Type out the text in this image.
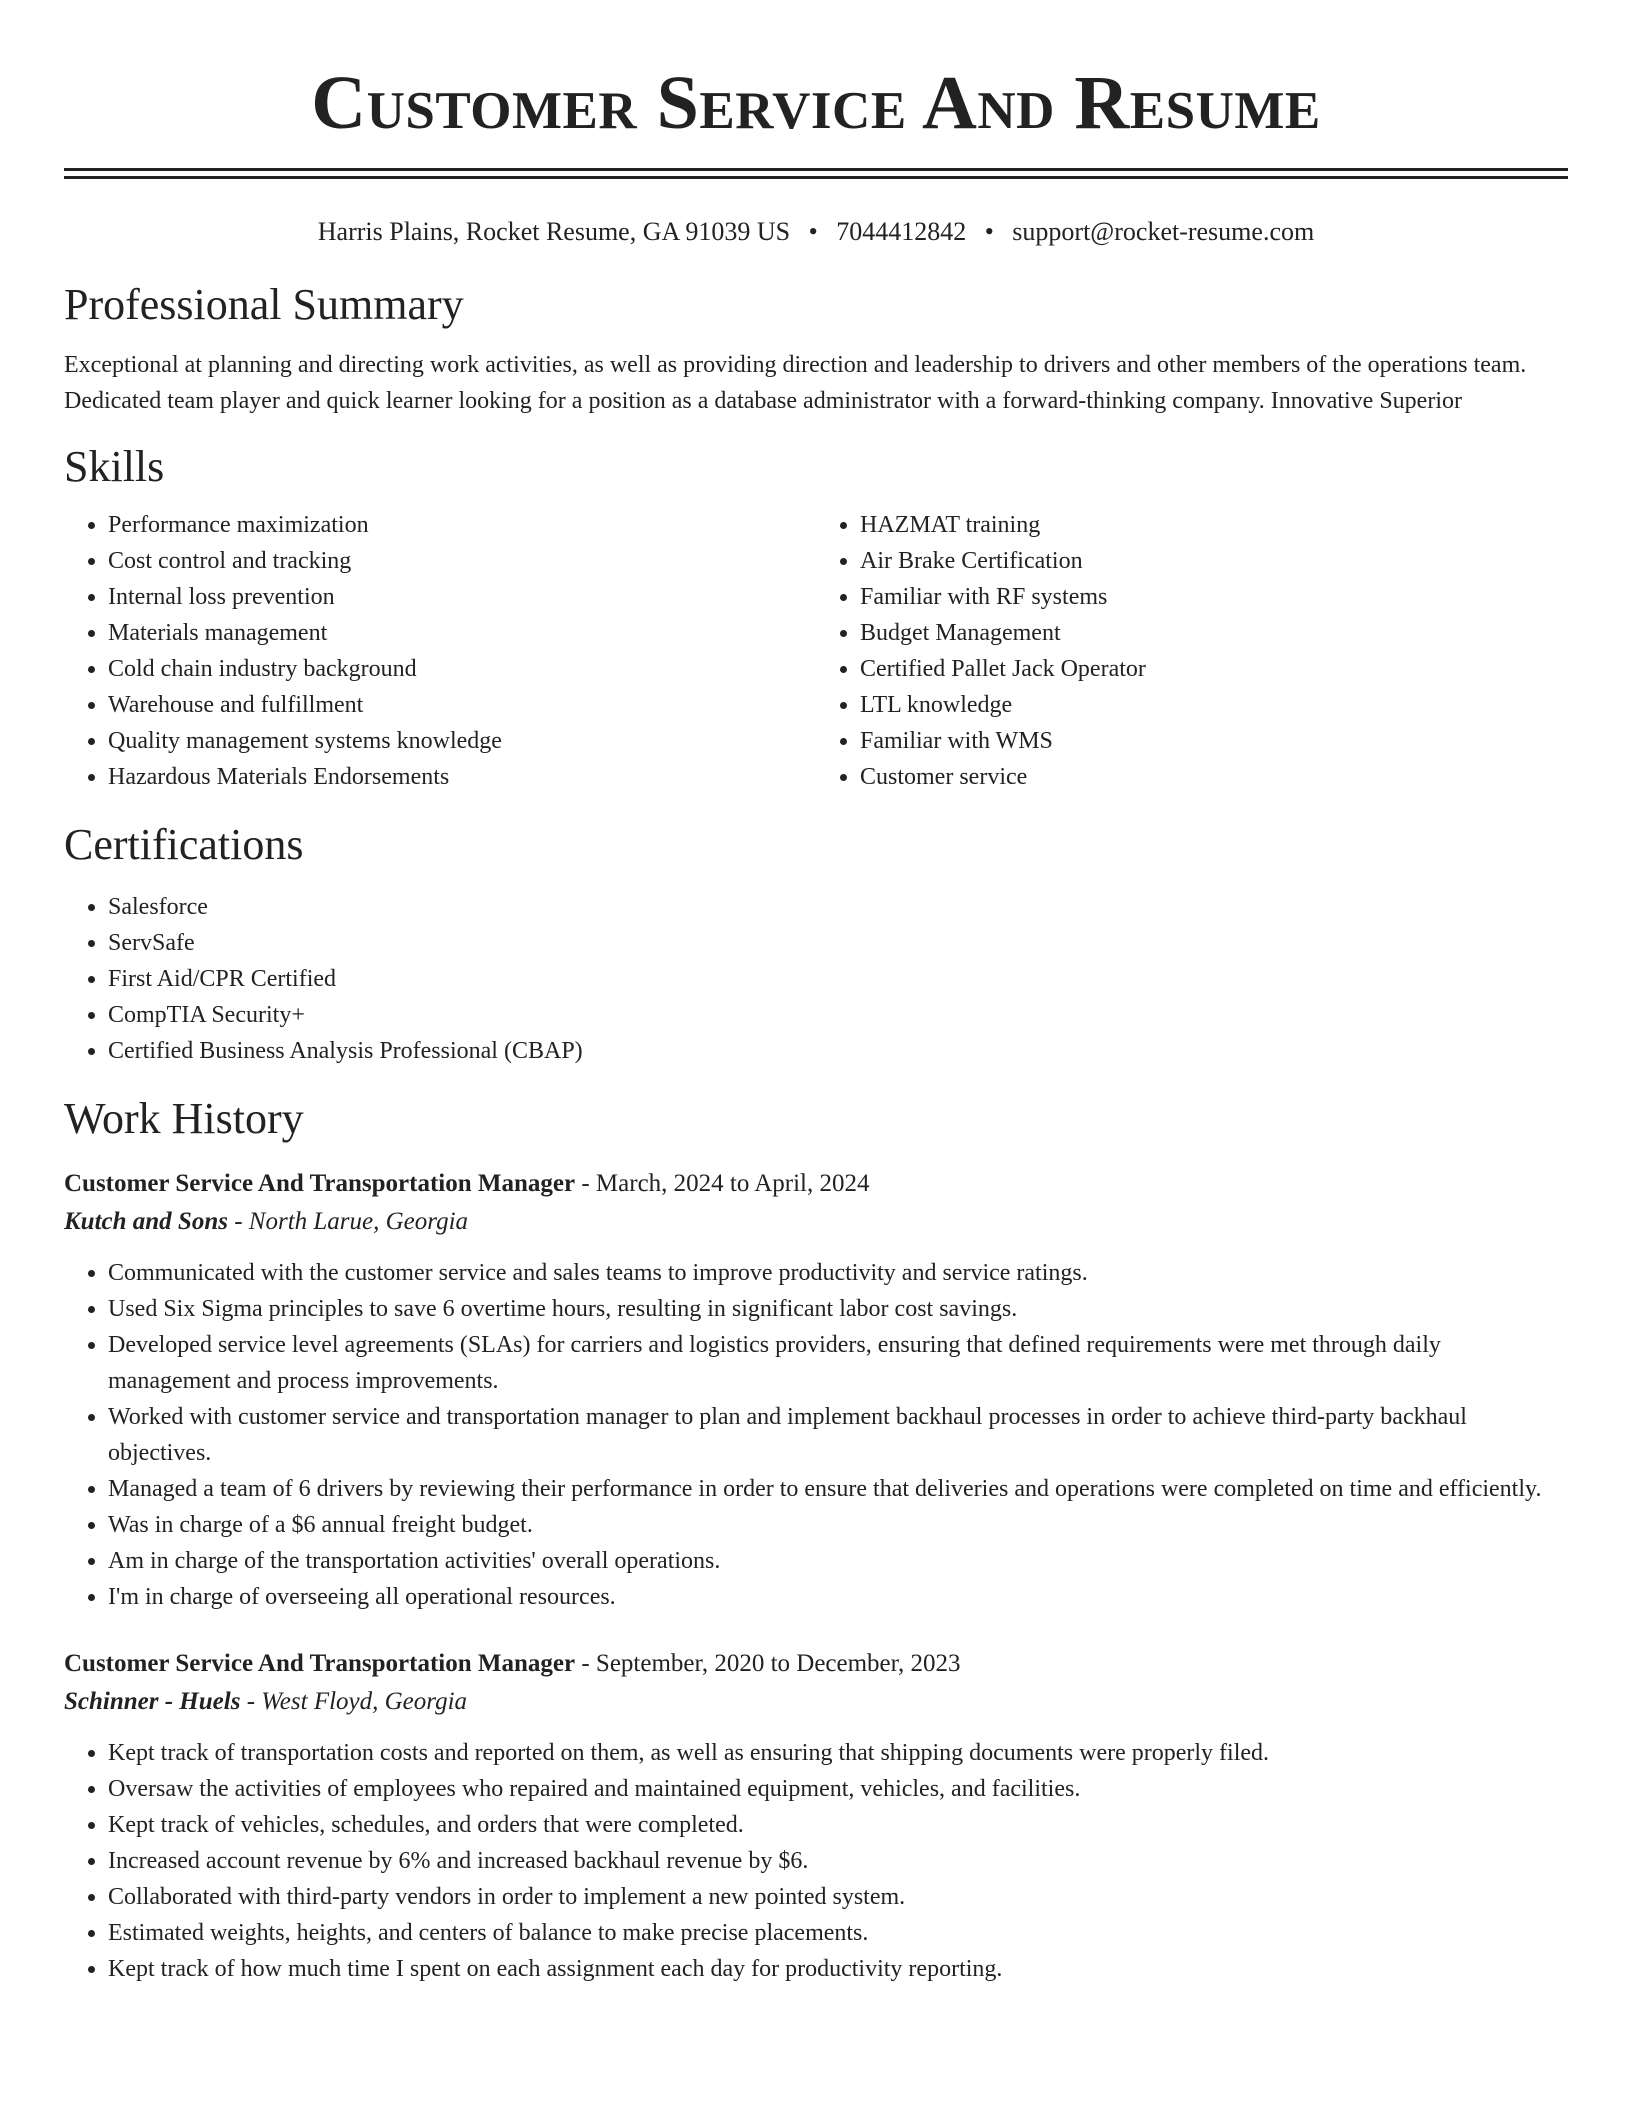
Customer Service And Resume
Harris Plains, Rocket Resume, GA 91039 US • 7044412842 • support@rocket-resume.com
Professional Summary

Exceptional at planning and directing work activities, as well as providing direction and leadership to drivers and other members of the operations team. Dedicated team player and quick learner looking for a position as a database administrator with a forward-thinking company. Innovative Superior

Skills
• Performance maximization
• Cost control and tracking
• Internal loss prevention
• Materials management
• Cold chain industry background
• Warehouse and fulfillment
• Quality management systems knowledge
• Hazardous Materials Endorsements
• HAZMAT training
• Air Brake Certification
• Familiar with RF systems
• Budget Management
• Certified Pallet Jack Operator
• LTL knowledge
• Familiar with WMS
• Customer service
Certifications
• Salesforce
• ServSafe
• First Aid/CPR Certified
• CompTIA Security+
• Certified Business Analysis Professional (CBAP)
Work History
Customer Service And Transportation Manager - March, 2024 to April, 2024
Kutch and Sons - North Larue, Georgia
• Communicated with the customer service and sales teams to improve productivity and service ratings.
• Used Six Sigma principles to save 6 overtime hours, resulting in significant labor cost savings.
• Developed service level agreements (SLAs) for carriers and logistics providers, ensuring that defined requirements were met through daily management and process improvements.
• Worked with customer service and transportation manager to plan and implement backhaul processes in order to achieve third-party backhaul objectives.
• Managed a team of 6 drivers by reviewing their performance in order to ensure that deliveries and operations were completed on time and efficiently.
• Was in charge of a $6 annual freight budget.
• Am in charge of the transportation activities' overall operations.
• I'm in charge of overseeing all operational resources.
Customer Service And Transportation Manager - September, 2020 to December, 2023
Schinner - Huels - West Floyd, Georgia
• Kept track of transportation costs and reported on them, as well as ensuring that shipping documents were properly filed.
• Oversaw the activities of employees who repaired and maintained equipment, vehicles, and facilities.
• Kept track of vehicles, schedules, and orders that were completed.
• Increased account revenue by 6% and increased backhaul revenue by $6.
• Collaborated with third-party vendors in order to implement a new pointed system.
• Estimated weights, heights, and centers of balance to make precise placements.
• Kept track of how much time I spent on each assignment each day for productivity reporting.
